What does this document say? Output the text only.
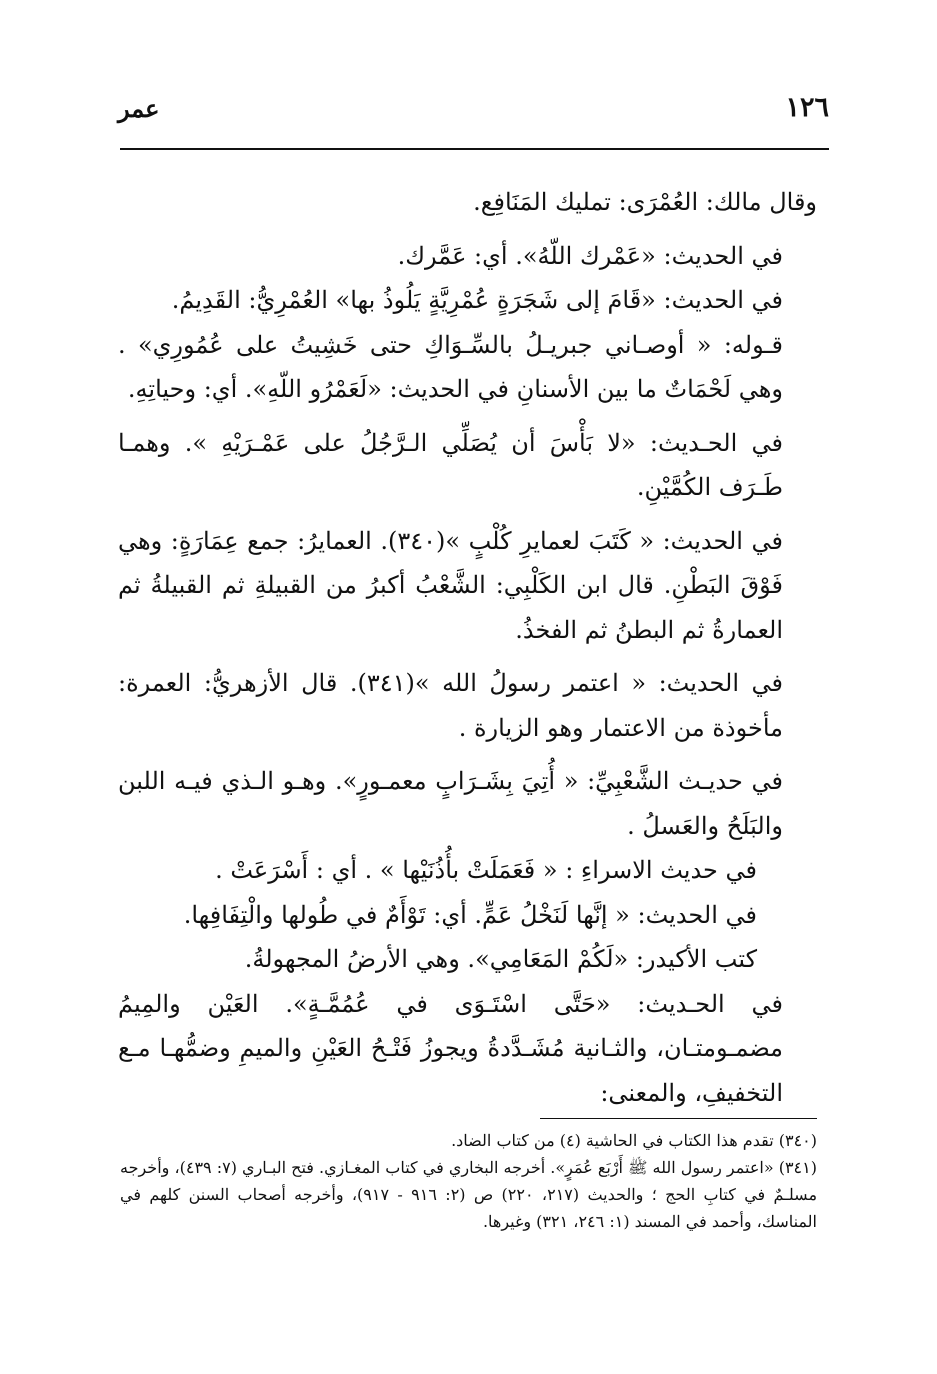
١٢٦
عمر

وقال مالك: العُمْرَى: تمليك المَنَافِع.

في الحديث: «عَمْرك اللّهُ». أي: عَمَّرك.

في الحديث: «قَامَ إلى شَجَرَةٍ عُمْرِيَّةٍ يَلُوذُ بها» العُمْرِيُّ: القَدِيمُ.

قـوله: « أوصـاني جبريـلُ بالسِّـوَاكِ حتى خَشِيتُ على عُمُورِي» . وهي لَحْمَاتٌ ما بين الأسنانِ في الحديث: «لَعَمْرُو اللّهِ». أي: وحياتِهِ.

في الحـديث: «لا بَأْسَ أن يُصَلِّي الـرَّجُلُ على عَمْـرَيْهِ ». وهمـا طَـرَف الكُمَّيْنِ.

في الحديث: « كَتَبَ لعمايرِ كُلْبٍ »(٣٤٠). العمايرُ: جمع عِمَارَةٍ: وهي فَوْقَ البَطْنِ. قال ابن الكَلْبِي: الشَّعْبُ أكبرُ من القبيلةِ ثم القبيلةُ ثم العمارةُ ثم البطنُ ثم الفخذُ.

في الحديث: « اعتمر رسولُ الله »(٣٤١). قال الأزهريُّ: العمرة: مأخوذة من الاعتمار وهو الزيارة .

في حديـث الشَّعْبِيِّ: « أُتِيَ بِشَـرَابٍ معمـورٍ». وهـو الـذي فيـه اللبن والبَلَحُ والعَسلُ .

في حديث الاسراءِ : « فَعَمَلَتْ بأُذُنَيْها » . أي : أَسْرَعَتْ .

في الحديث: « إنَّها لَنَخْلُ عَمٍّ. أي: تَوْأَمٌ في طُولها والْتِفَافِها.

كتب الأكيدر: «لَكُمْ المَعَامِي». وهي الأرضُ المجهولةُ.

في الحـديث: «حَتَّى اسْتَـوَى في عُمُمَّـةٍ». العَيْن والمِيمُ مضمـومتـان، والثـانية مُشَـدَّدةُ ويجوزُ فَتْـحُ العَيْنِ والميمِ وضمُّهـا مـع التخفيفِ، والمعنى:

(٣٤٠) تقدم هذا الكتاب في الحاشية (٤) من كتاب الضاد.

(٣٤١) «اعتمر رسول الله ﷺ أَرْبَع عُمَرٍ». أخرجه البخاري في كتاب المغـازي. فتح البـاري (٧: ٤٣٩)، وأخرجه مسلـمٌ في كتابِ الحج ؛ والحديث (٢١٧، ٢٢٠) ص (٢: ٩١٦ - ٩١٧)، وأخرجه أصحاب السنن كلهم في المناسك، وأحمد في المسند (١: ٢٤٦، ٣٢١) وغيرها.
